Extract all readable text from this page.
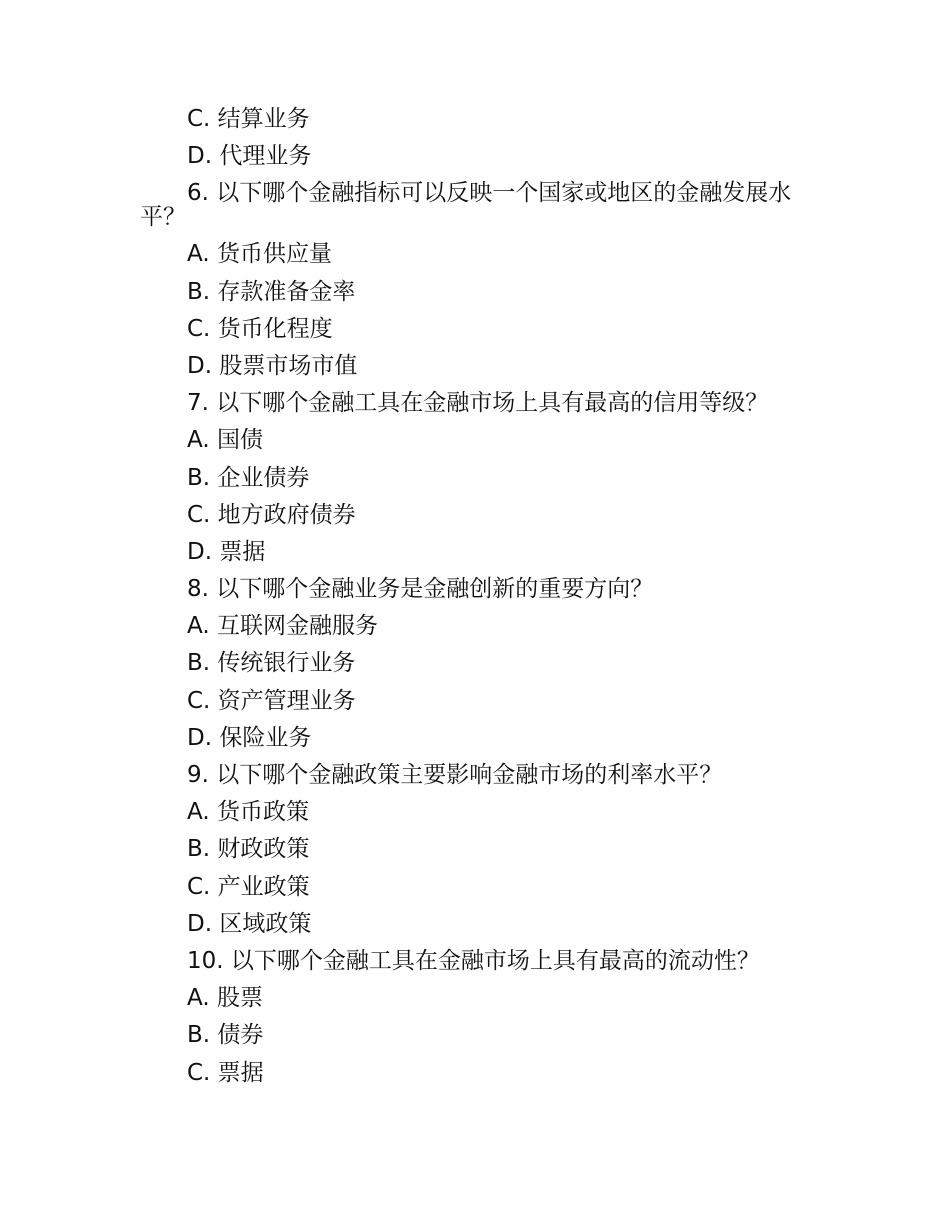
C. 结算业务
D. 代理业务
6. 以下哪个金融指标可以反映一个国家或地区的金融发展水平？
A. 货币供应量
B. 存款准备金率
C. 货币化程度
D. 股票市场市值
7. 以下哪个金融工具在金融市场上具有最高的信用等级？
A. 国债
B. 企业债券
C. 地方政府债券
D. 票据
8. 以下哪个金融业务是金融创新的重要方向？
A. 互联网金融服务
B. 传统银行业务
C. 资产管理业务
D. 保险业务
9. 以下哪个金融政策主要影响金融市场的利率水平？
A. 货币政策
B. 财政政策
C. 产业政策
D. 区域政策
10. 以下哪个金融工具在金融市场上具有最高的流动性？
A. 股票
B. 债券
C. 票据
